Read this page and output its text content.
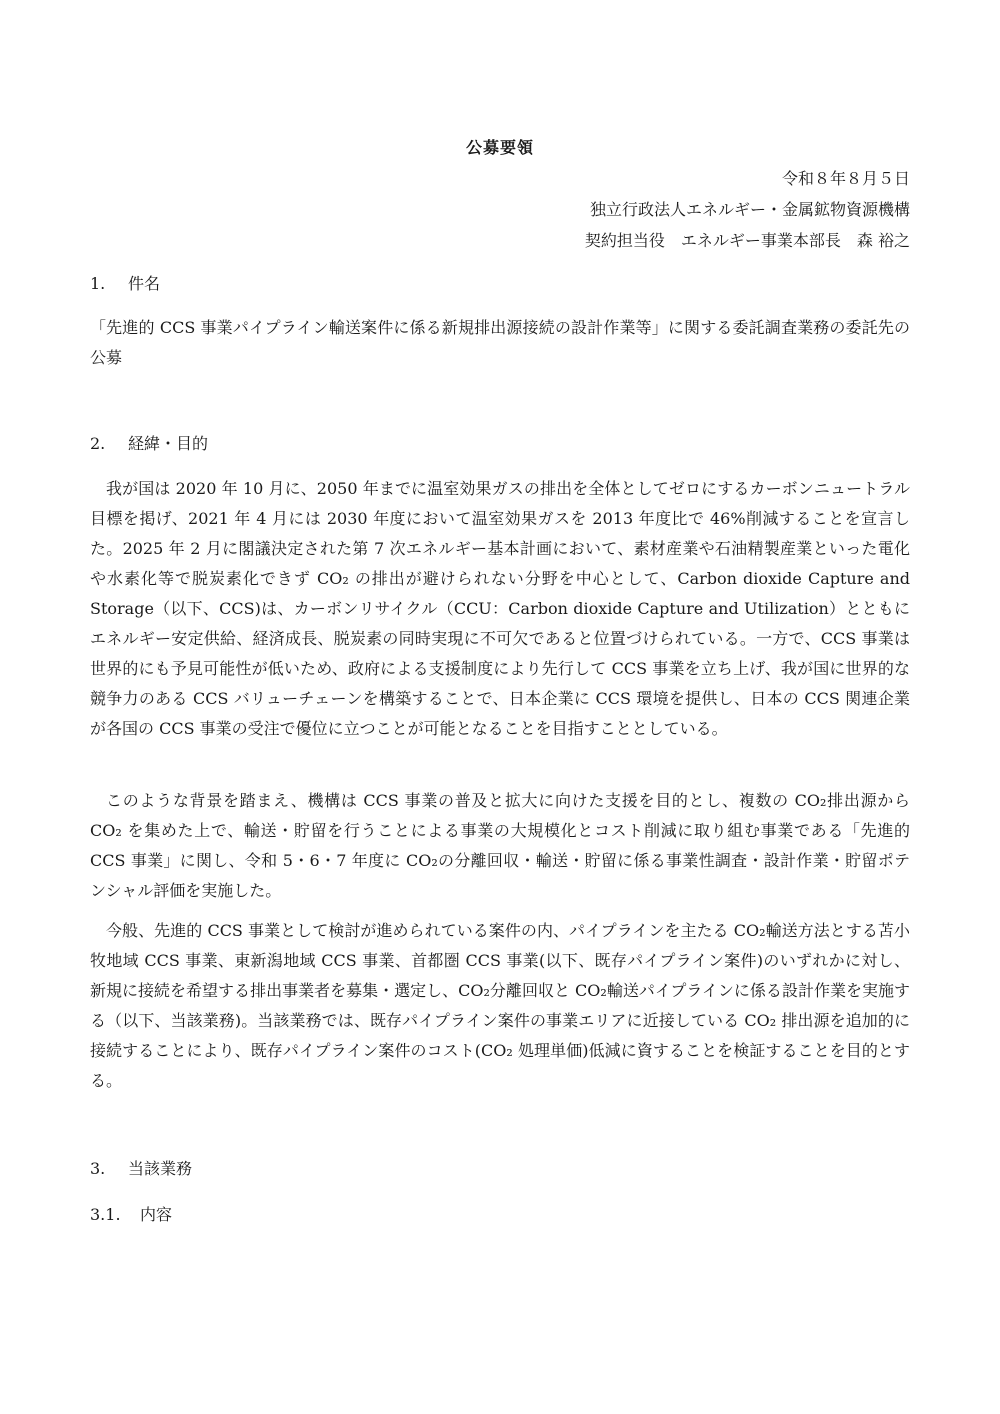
公募要領
令和８年８月５日
独立行政法人エネルギー・金属鉱物資源機構
契約担当役　エネルギー事業本部長　森 裕之
1. 件名
「先進的 CCS 事業パイプライン輸送案件に係る新規排出源接続の設計作業等」に関する委託調査業務の委託先の公募
2. 経緯・目的
我が国は 2020 年 10 月に、2050 年までに温室効果ガスの排出を全体としてゼロにするカーボンニュートラル目標を掲げ、2021 年 4 月には 2030 年度において温室効果ガスを 2013 年度比で 46%削減することを宣言した。2025 年 2 月に閣議決定された第 7 次エネルギー基本計画において、素材産業や石油精製産業といった電化や水素化等で脱炭素化できず CO₂ の排出が避けられない分野を中心として、Carbon dioxide Capture and Storage（以下、CCS)は、カーボンリサイクル（CCU：Carbon dioxide Capture and Utilization）とともにエネルギー安定供給、経済成長、脱炭素の同時実現に不可欠であると位置づけられている。一方で、CCS 事業は世界的にも予見可能性が低いため、政府による支援制度により先行して CCS 事業を立ち上げ、我が国に世界的な競争力のある CCS バリューチェーンを構築することで、日本企業に CCS 環境を提供し、日本の CCS 関連企業が各国の CCS 事業の受注で優位に立つことが可能となることを目指すこととしている。
このような背景を踏まえ、機構は CCS 事業の普及と拡大に向けた支援を目的とし、複数の CO₂排出源から CO₂ を集めた上で、輸送・貯留を行うことによる事業の大規模化とコスト削減に取り組む事業である「先進的 CCS 事業」に関し、令和 5・6・7 年度に CO₂の分離回収・輸送・貯留に係る事業性調査・設計作業・貯留ポテンシャル評価を実施した。
今般、先進的 CCS 事業として検討が進められている案件の内、パイプラインを主たる CO₂輸送方法とする苫小牧地域 CCS 事業、東新潟地域 CCS 事業、首都圏 CCS 事業(以下、既存パイプライン案件)のいずれかに対し、新規に接続を希望する排出事業者を募集・選定し、CO₂分離回収と CO₂輸送パイプラインに係る設計作業を実施する（以下、当該業務)。当該業務では、既存パイプライン案件の事業エリアに近接している CO₂ 排出源を追加的に接続することにより、既存パイプライン案件のコスト(CO₂ 処理単価)低減に資することを検証することを目的とする。
3. 当該業務
3.1. 内容
